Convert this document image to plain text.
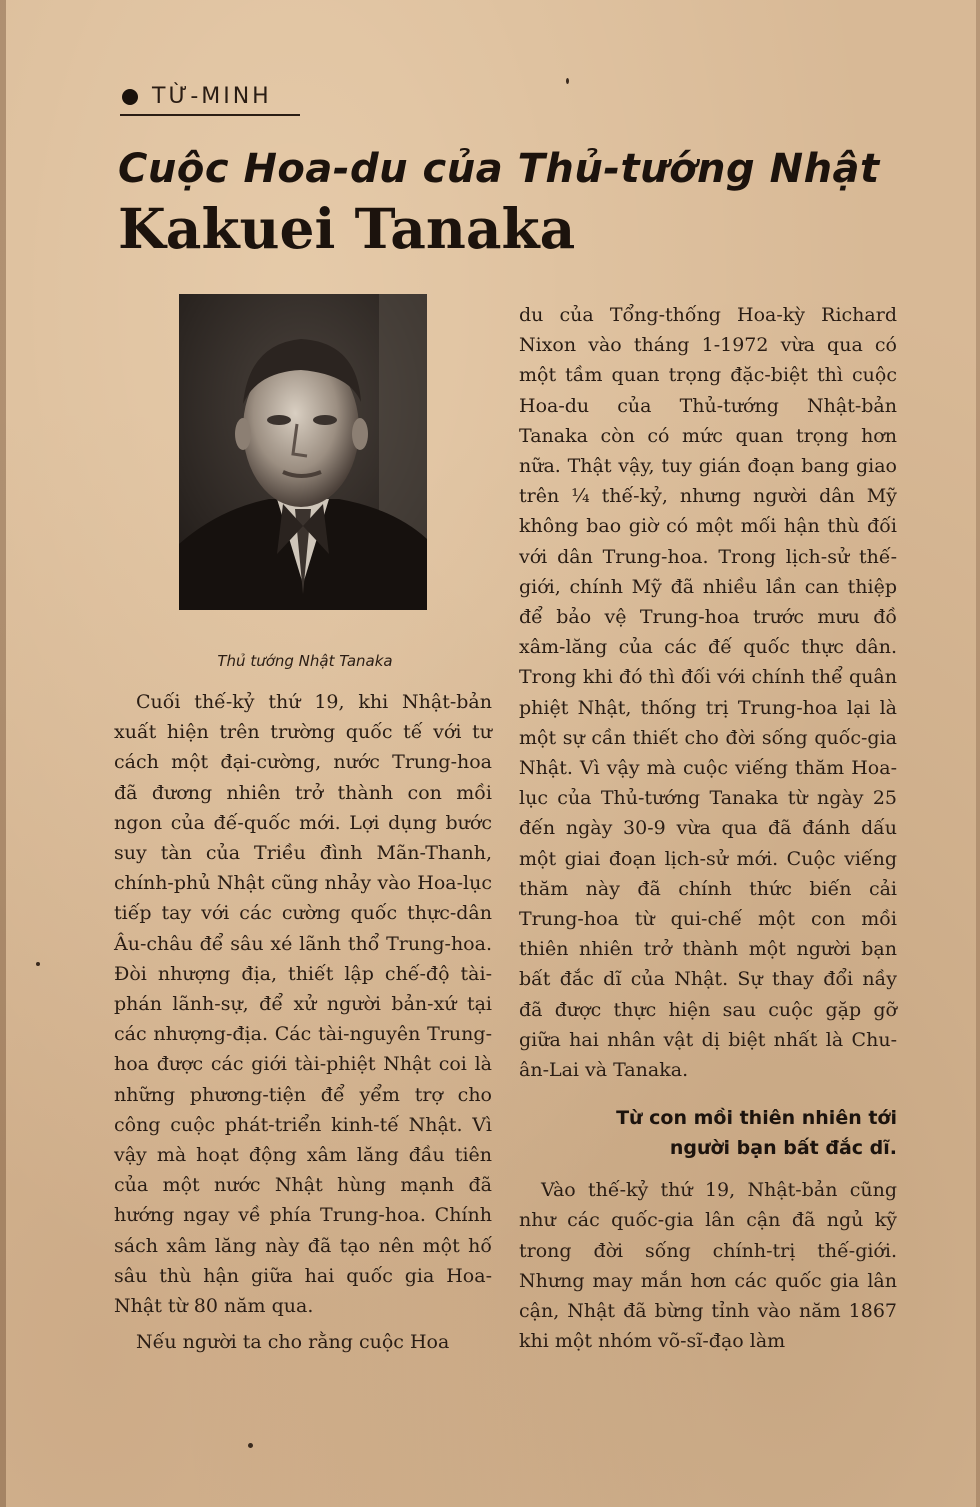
TỪ-MINH
Cuộc Hoa-du của Thủ-tướng Nhật
Kakuei Tanaka
Thủ tướng Nhật Tanaka

Cuối thế-kỷ thứ 19, khi Nhật-bản xuất hiện trên trường quốc tế với tư cách một đại-cường, nước Trung-hoa đã đương nhiên trở thành con mồi ngon của đế-quốc mới. Lợi dụng bước suy tàn của Triều đình Mãn-Thanh, chính-phủ Nhật cũng nhảy vào Hoa-lục tiếp tay với các cường quốc thực-dân Âu-châu để sâu xé lãnh thổ Trung-hoa. Đòi nhượng địa, thiết lập chế-độ tài-phán lãnh-sự, để xử người bản-xứ tại các nhượng-địa. Các tài-nguyên Trung-hoa được các giới tài-phiệt Nhật coi là những phương-tiện để yểm trợ cho công cuộc phát-triển kinh-tế Nhật. Vì vậy mà hoạt động xâm lăng đầu tiên của một nước Nhật hùng mạnh đã hướng ngay về phía Trung-hoa. Chính sách xâm lăng này đã tạo nên một hố sâu thù hận giữa hai quốc gia Hoa-Nhật từ 80 năm qua.

Nếu người ta cho rằng cuộc Hoa

du của Tổng-thống Hoa-kỳ Richard Nixon vào tháng 1-1972 vừa qua có một tầm quan trọng đặc-biệt thì cuộc Hoa-du của Thủ-tướng Nhật-bản Tanaka còn có mức quan trọng hơn nữa. Thật vậy, tuy gián đoạn bang giao trên ¼ thế-kỷ, nhưng người dân Mỹ không bao giờ có một mối hận thù đối với dân Trung-hoa. Trong lịch-sử thế-giới, chính Mỹ đã nhiều lần can thiệp để bảo vệ Trung-hoa trước mưu đồ xâm-lăng của các đế quốc thực dân. Trong khi đó thì đối với chính thể quân phiệt Nhật, thống trị Trung-hoa lại là một sự cần thiết cho đời sống quốc-gia Nhật. Vì vậy mà cuộc viếng thăm Hoa-lục của Thủ-tướng Tanaka từ ngày 25 đến ngày 30-9 vừa qua đã đánh dấu một giai đoạn lịch-sử mới. Cuộc viếng thăm này đã chính thức biến cải Trung-hoa từ qui-chế một con mồi thiên nhiên trở thành một người bạn bất đắc dĩ của Nhật. Sự thay đổi nầy đã được thực hiện sau cuộc gặp gỡ giữa hai nhân vật dị biệt nhất là Chu-ân-Lai và Tanaka.

Từ con mồi thiên nhiên tới
người bạn bất đắc dĩ.

Vào thế-kỷ thứ 19, Nhật-bản cũng như các quốc-gia lân cận đã ngủ kỹ trong đời sống chính-trị thế-giới. Nhưng may mắn hơn các quốc gia lân cận, Nhật đã bừng tỉnh vào năm 1867 khi một nhóm võ-sĩ-đạo làm
